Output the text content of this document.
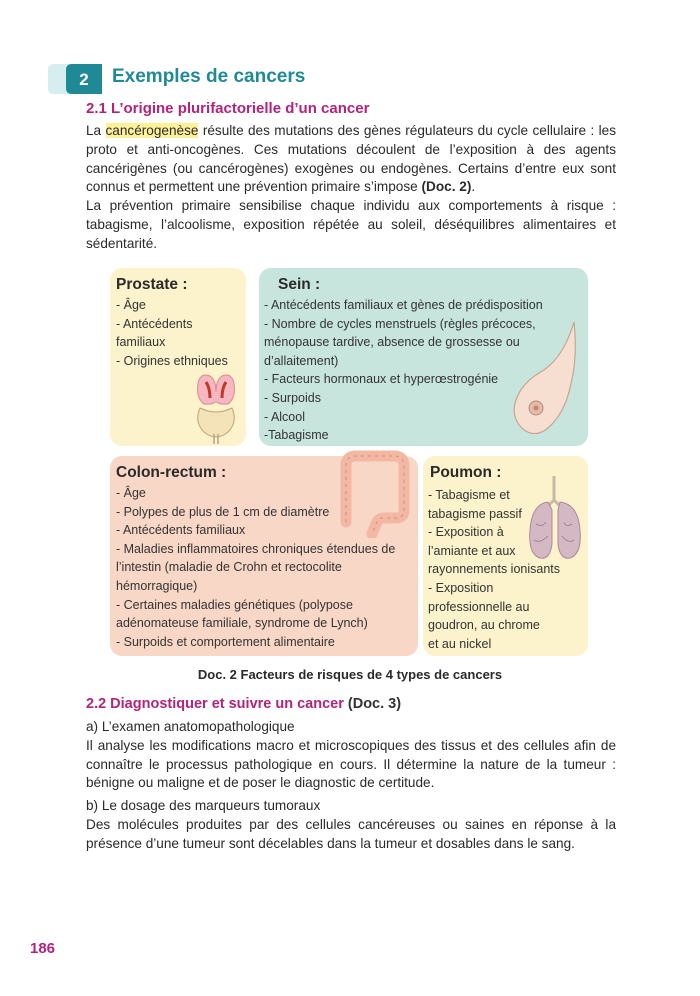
2 Exemples de cancers
2.1 L’origine plurifactorielle d’un cancer

La cancérogenèse résulte des mutations des gènes régulateurs du cycle cellulaire : les proto et anti-oncogènes. Ces mutations découlent de l’exposition à des agents cancérigènes (ou cancérogènes) exogènes ou endogènes. Certains d’entre eux sont connus et permettent une prévention primaire s’impose (Doc. 2).

La prévention primaire sensibilise chaque individu aux comportements à risque : tabagisme, l’alcoolisme, exposition répétée au soleil, déséquilibres alimentaires et sédentarité.

Prostate :
- Âge
- Antécédents
familiaux
- Origines ethniques
Sein :
- Antécédents familiaux et gènes de prédisposition
- Nombre de cycles menstruels (règles précoces,
ménopause tardive, absence de grossesse ou
d’allaitement)
- Facteurs hormonaux et hyperœstrogénie
- Surpoids
- Alcool
-Tabagisme
Colon-rectum :
- Âge
- Polypes de plus de 1 cm de diamètre
- Antécédents familiaux
- Maladies inflammatoires chroniques étendues de
l’intestin (maladie de Crohn et rectocolite
hémorragique)
- Certaines maladies génétiques (polypose
adénomateuse familiale, syndrome de Lynch)
- Surpoids et comportement alimentaire
Poumon :
- Tabagisme et
tabagisme passif
- Exposition à
l’amiante et aux
rayonnements ionisants
- Exposition
professionnelle au
goudron, au chrome
et au nickel
Doc. 2 Facteurs de risques de 4 types de cancers
2.2 Diagnostiquer et suivre un cancer (Doc. 3)

a) L’examen anatomopathologique

Il analyse les modifications macro et microscopiques des tissus et des cellules afin de connaître le processus pathologique en cours. Il détermine la nature de la tumeur : bénigne ou maligne et de poser le diagnostic de certitude.

b) Le dosage des marqueurs tumoraux

Des molécules produites par des cellules cancéreuses ou saines en réponse à la présence d’une tumeur sont décelables dans la tumeur et dosables dans le sang.

186
